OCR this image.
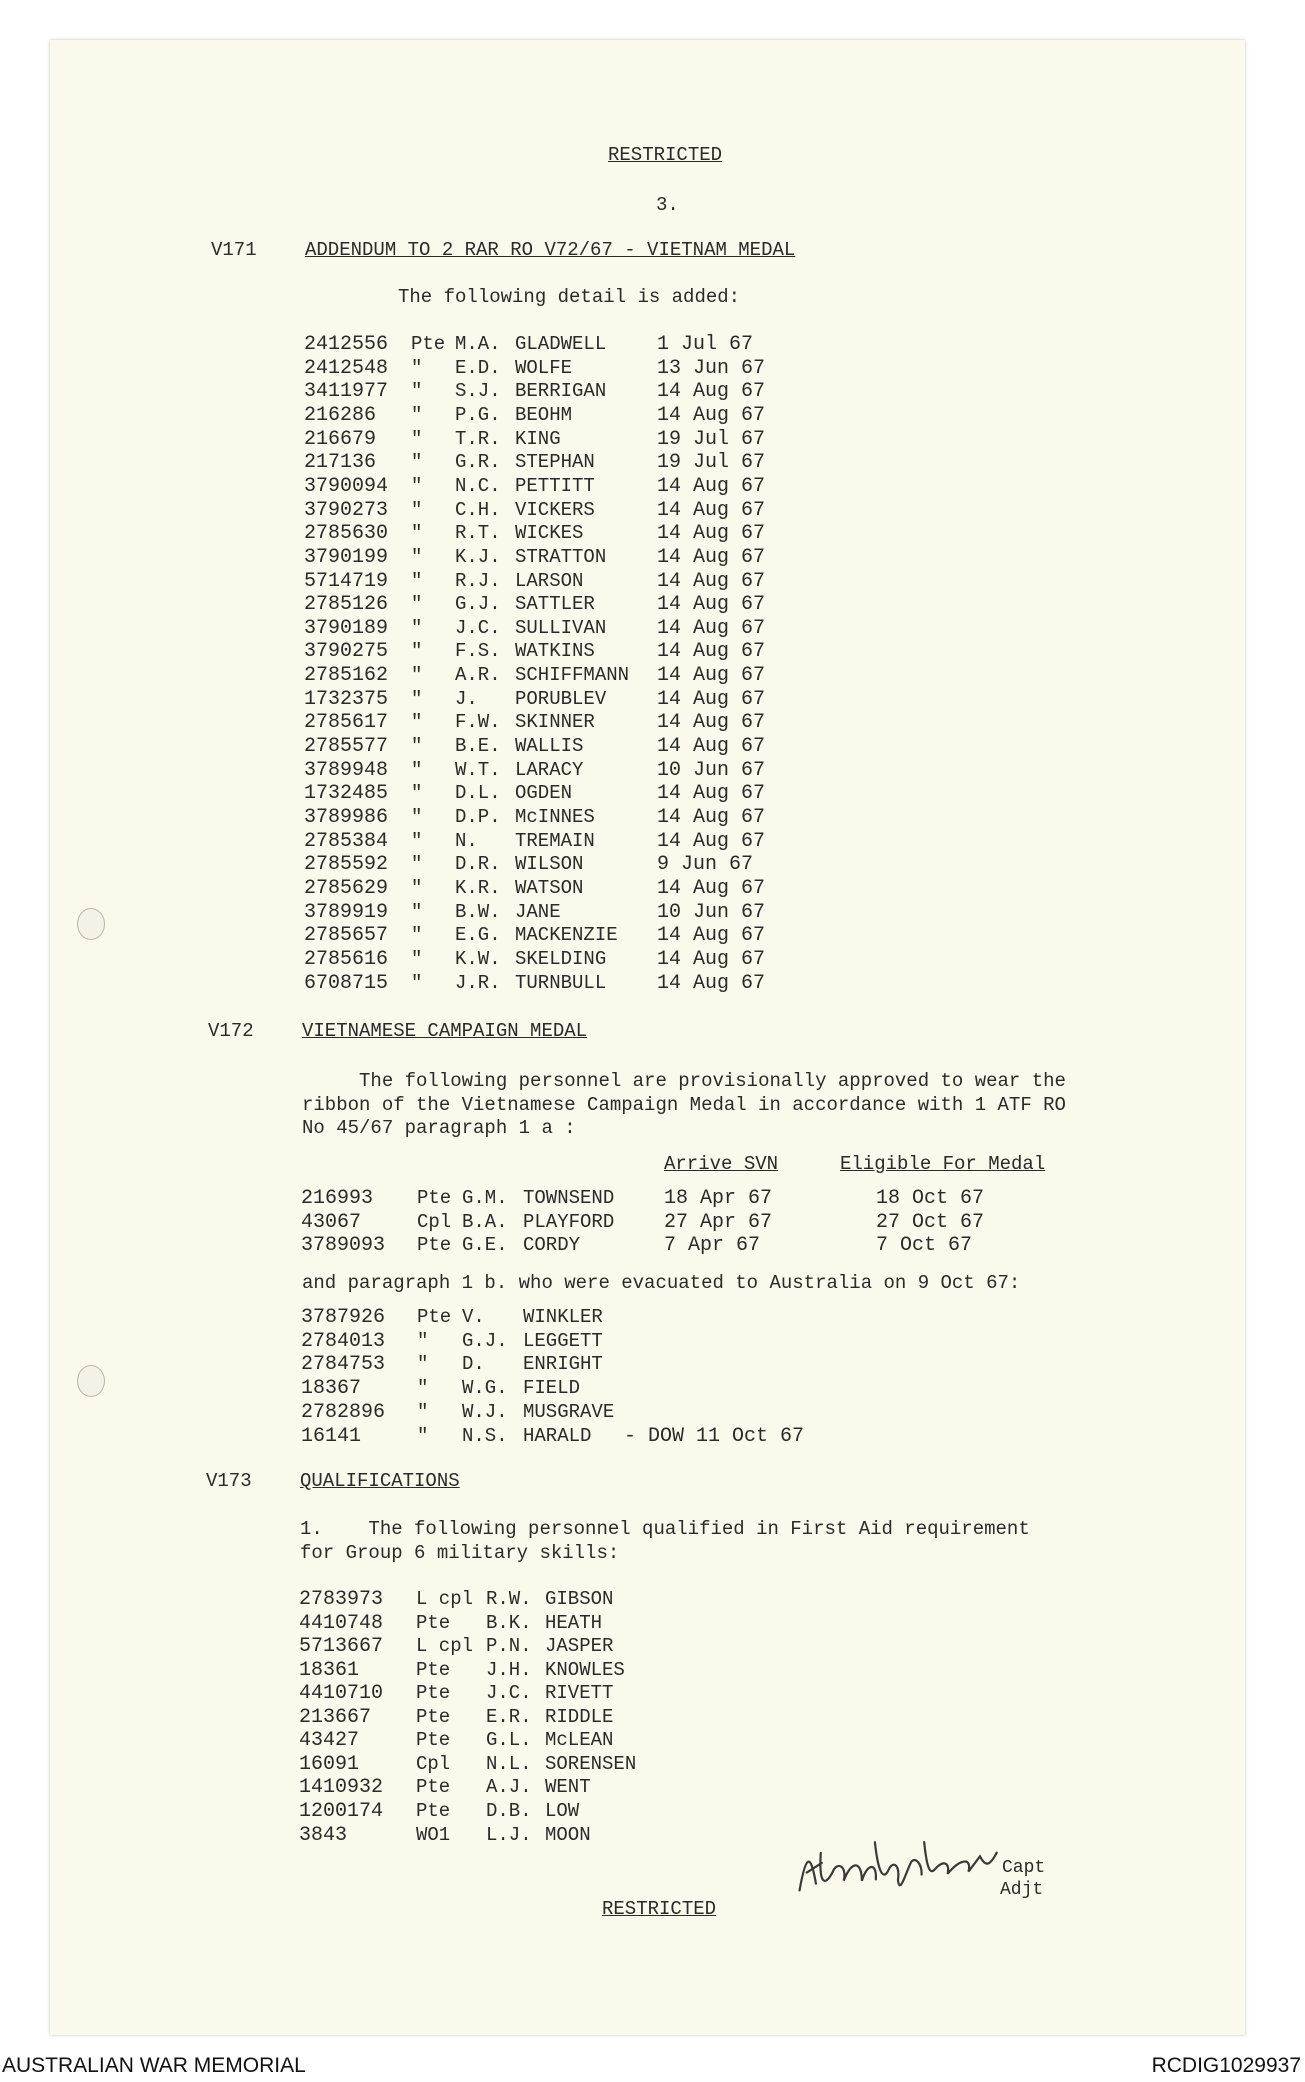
RESTRICTED
3.
V171	ADDENDUM TO 2 RAR RO V72/67 - VIETNAM MEDAL
The following detail is added:
2412556 Pte M.A. GLADWELL	1 Jul 67
2412548 " E.D. WOLFE	13 Jun 67
3411977 " S.J. BERRIGAN	14 Aug 67
216286 " P.G. BEOHM	14 Aug 67
216679 " T.R. KING	19 Jul 67
217136 " G.R. STEPHAN	19 Jul 67
3790094 " N.C. PETTITT	14 Aug 67
3790273 " C.H. VICKERS	14 Aug 67
2785630 " R.T. WICKES	14 Aug 67
3790199 " K.J. STRATTON	14 Aug 67
5714719 " R.J. LARSON	14 Aug 67
2785126 " G.J. SATTLER	14 Aug 67
3790189 " J.C. SULLIVAN	14 Aug 67
3790275 " F.S. WATKINS	14 Aug 67
2785162 " A.R. SCHIFFMANN 14 Aug 67
1732375 " J. PORUBLEV	14 Aug 67
2785617 " F.W. SKINNER	14 Aug 67
2785577 " B.E. WALLIS	14 Aug 67
3789948 " W.T. LARACY	10 Jun 67
1732485 " D.L. OGDEN	14 Aug 67
3789986 " D.P. McINNES	14 Aug 67
2785384 " N. TREMAIN	14 Aug 67
2785592 " D.R. WILSON	9 Jun 67
2785629 " K.R. WATSON	14 Aug 67
3789919 " B.W. JANE	10 Jun 67
2785657 " E.G. MACKENZIE 14 Aug 67
2785616 " K.W. SKELDING	14 Aug 67
6708715 " J.R. TURNBULL	14 Aug 67
V172	VIETNAMESE CAMPAIGN MEDAL
The following personnel are provisionally approved to wear the
ribbon of the Vietnamese Campaign Medal in accordance with 1 ATF RO
No 45/67 paragraph 1 a :
Arrive SVN	Eligible For Medal
216993 Pte G.M. TOWNSEND 18 Apr 67	18 Oct 67
43067	Cpl B.A. PLAYFORD 27 Apr 67	27 Oct 67
3789093 Pte G.E. CORDY	7 Apr 67	7 Oct 67
and paragraph 1 b. who were evacuated to Australia on 9 Oct 67:
3787926 Pte V. WINKLER
2784013 " G.J. LEGGETT
2784753 " D. ENRIGHT
18367	" W.G. FIELD
2782896 " W.J. MUSGRAVE
16141	" N.S. HARALD - DOW 11 Oct 67
V173	QUALIFICATIONS
1.    The following personnel qualified in First Aid requirement
for Group 6 military skills:
2783973 L cpl R.W. GIBSON
4410748 Pte B.K. HEATH
5713667 L cpl P.N. JASPER
18361	Pte J.H. KNOWLES
4410710 Pte J.C. RIVETT
213667 Pte E.R. RIDDLE
43427	Pte G.L. McLEAN
16091	Cpl N.L. SORENSEN
1410932 Pte A.J. WENT
1200174 Pte D.B. LOW
3843	WO1 L.J. MOON
Capt
Adjt
RESTRICTED
AUSTRALIAN WAR MEMORIAL	RCDIG1029937
